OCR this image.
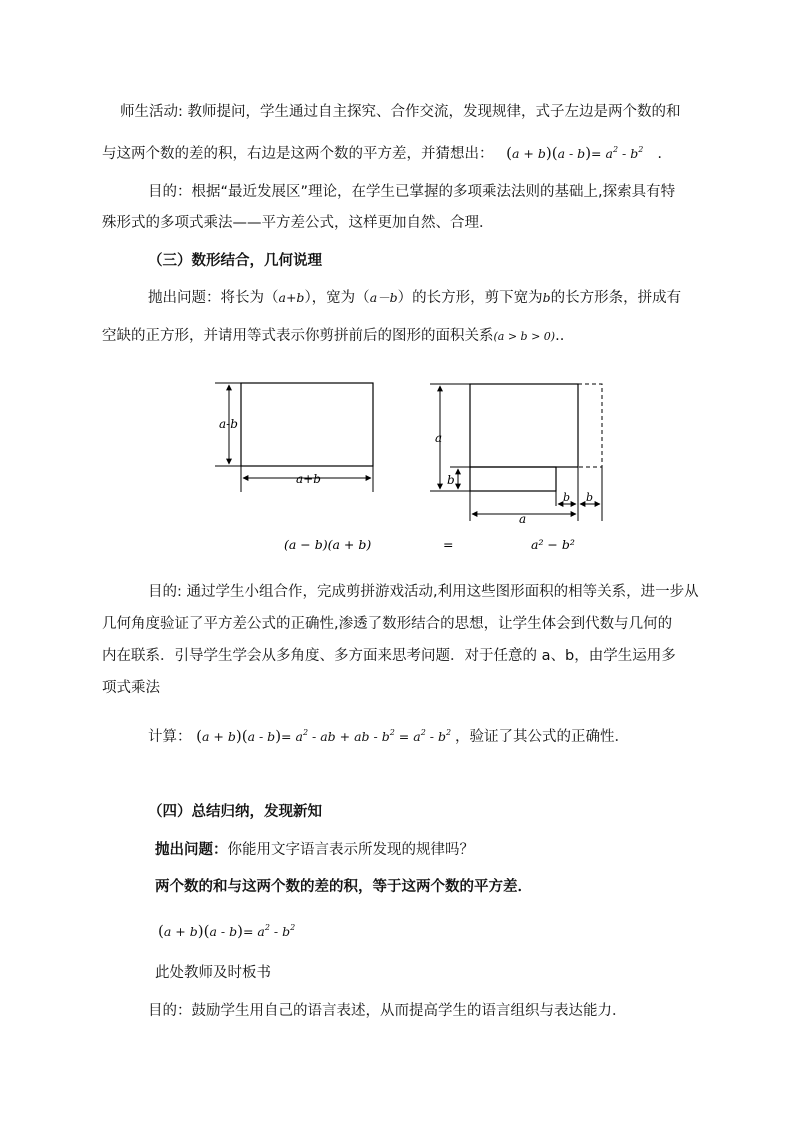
师生活动: 教师提问，学生通过自主探究、合作交流，发现规律，式子左边是两个数的和
与这两个数的差的积，右边是这两个数的平方差，并猜想出： $(a + b)(a - b)= a^2 - b^2$ .
目的：根据“最近发展区”理论，在学生已掌握的多项乘法法则的基础上,探索具有特
殊形式的多项式乘法——平方差公式，这样更加自然、合理．
（三）数形结合，几何说理
抛出问题：将长为（a+b），宽为（a－b）的长方形，剪下宽为b的长方形条，拼成有
空缺的正方形，并请用等式表示你剪拼前后的图形的面积关系(a > b > 0)..
a-b
a+b
a
b
a
b b
(a − b)(a + b)	=	a² − b²
目的: 通过学生小组合作，完成剪拼游戏活动,利用这些图形面积的相等关系，进一步从
几何角度验证了平方差公式的正确性,渗透了数形结合的思想，让学生体会到代数与几何的
内在联系．引导学生学会从多角度、多方面来思考问题．对于任意的 a、b，由学生运用多
项式乘法
计算： $(a + b)(a - b)= a^2$ - ab + ab - $b^2 = a^2 - b^2$ ，验证了其公式的正确性．
（四）总结归纳，发现新知
抛出问题：你能用文字语言表示所发现的规律吗？
两个数的和与这两个数的差的积，等于这两个数的平方差．
$(a + b)(a - b)= a^2 - b^2$
此处教师及时板书
目的：鼓励学生用自己的语言表述，从而提高学生的语言组织与表达能力．
